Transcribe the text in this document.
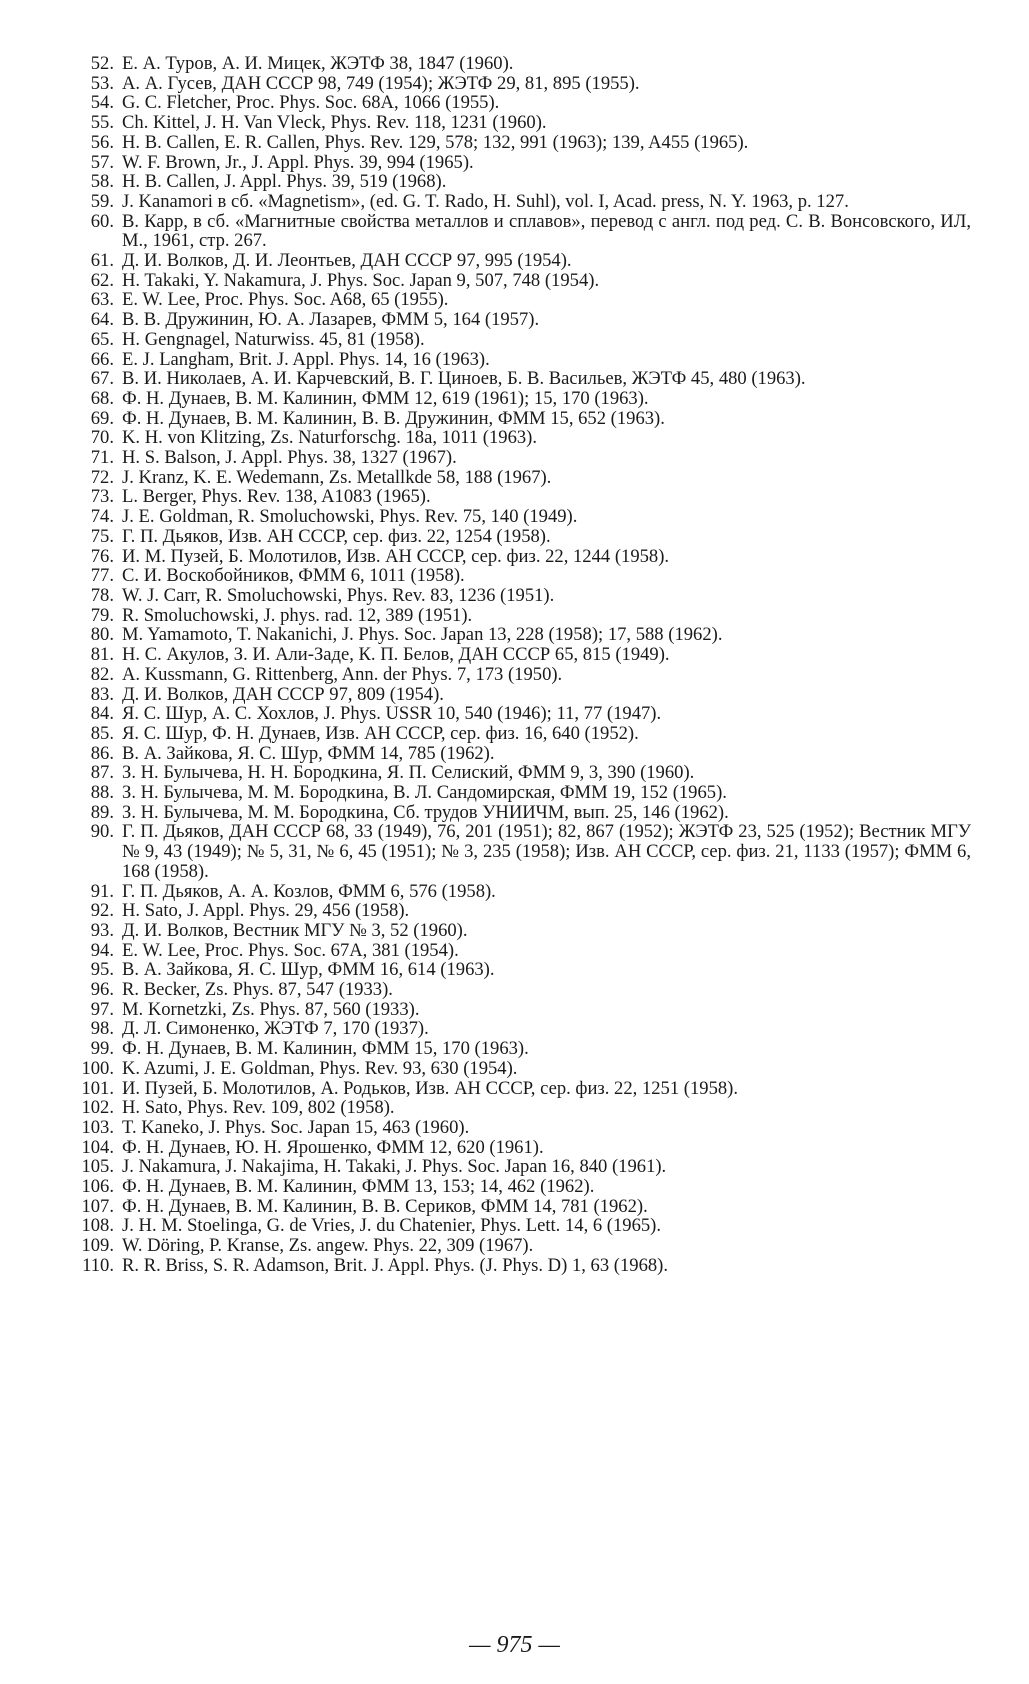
52. Е. А. Туров, А. И. Мицек, ЖЭТФ 38, 1847 (1960).
53. А. А. Гусев, ДАН СССР 98, 749 (1954); ЖЭТФ 29, 81, 895 (1955).
54. G. C. Fletcher, Proc. Phys. Soc. 68A, 1066 (1955).
55. Ch. Kittel, J. H. Van Vleck, Phys. Rev. 118, 1231 (1960).
56. H. B. Callen, E. R. Callen, Phys. Rev. 129, 578; 132, 991 (1963); 139, A455 (1965).
57. W. F. Brown, Jr., J. Appl. Phys. 39, 994 (1965).
58. H. B. Callen, J. Appl. Phys. 39, 519 (1968).
59. J. Kanamori в сб. «Magnetism», (ed. G. T. Rado, H. Suhl), vol. I, Acad. press, N. Y. 1963, p. 127.
60. В. Карр, в сб. «Магнитные свойства металлов и сплавов», перевод с англ. под ред. С. В. Вонсовского, ИЛ, М., 1961, стр. 267.
61. Д. И. Волков, Д. И. Леонтьев, ДАН СССР 97, 995 (1954).
62. H. Takaki, Y. Nakamura, J. Phys. Soc. Japan 9, 507, 748 (1954).
63. E. W. Lee, Proc. Phys. Soc. A68, 65 (1955).
64. В. В. Дружинин, Ю. А. Лазарев, ФММ 5, 164 (1957).
65. H. Gengnagel, Naturwiss. 45, 81 (1958).
66. E. J. Langham, Brit. J. Appl. Phys. 14, 16 (1963).
67. В. И. Николаев, А. И. Карчевский, В. Г. Циноев, Б. В. Васильев, ЖЭТФ 45, 480 (1963).
68. Ф. Н. Дунаев, В. М. Калинин, ФММ 12, 619 (1961); 15, 170 (1963).
69. Ф. Н. Дунаев, В. М. Калинин, В. В. Дружинин, ФММ 15, 652 (1963).
70. K. H. von Klitzing, Zs. Naturforschg. 18a, 1011 (1963).
71. H. S. Balson, J. Appl. Phys. 38, 1327 (1967).
72. J. Kranz, K. E. Wedemann, Zs. Metallkde 58, 188 (1967).
73. L. Berger, Phys. Rev. 138, A1083 (1965).
74. J. E. Goldman, R. Smoluchowski, Phys. Rev. 75, 140 (1949).
75. Г. П. Дьяков, Изв. АН СССР, сер. физ. 22, 1254 (1958).
76. И. М. Пузей, Б. Молотилов, Изв. АН СССР, сер. физ. 22, 1244 (1958).
77. С. И. Воскобойников, ФММ 6, 1011 (1958).
78. W. J. Carr, R. Smoluchowski, Phys. Rev. 83, 1236 (1951).
79. R. Smoluchowski, J. phys. rad. 12, 389 (1951).
80. M. Yamamoto, T. Nakanichi, J. Phys. Soc. Japan 13, 228 (1958); 17, 588 (1962).
81. Н. С. Акулов, З. И. Али-Заде, К. П. Белов, ДАН СССР 65, 815 (1949).
82. A. Kussmann, G. Rittenberg, Ann. der Phys. 7, 173 (1950).
83. Д. И. Волков, ДАН СССР 97, 809 (1954).
84. Я. С. Шур, А. С. Хохлов, J. Phys. USSR 10, 540 (1946); 11, 77 (1947).
85. Я. С. Шур, Ф. Н. Дунаев, Изв. АН СССР, сер. физ. 16, 640 (1952).
86. В. А. Зайкова, Я. С. Шур, ФММ 14, 785 (1962).
87. З. Н. Булычева, Н. Н. Бородкина, Я. П. Селиский, ФММ 9, 3, 390 (1960).
88. З. Н. Булычева, М. М. Бородкина, В. Л. Сандомирская, ФММ 19, 152 (1965).
89. З. Н. Булычева, М. М. Бородкина, Сб. трудов УНИИЧМ, вып. 25, 146 (1962).
90. Г. П. Дьяков, ДАН СССР 68, 33 (1949), 76, 201 (1951); 82, 867 (1952); ЖЭТФ 23, 525 (1952); Вестник МГУ № 9, 43 (1949); № 5, 31, № 6, 45 (1951); № 3, 235 (1958); Изв. АН СССР, сер. физ. 21, 1133 (1957); ФММ 6, 168 (1958).
91. Г. П. Дьяков, А. А. Козлов, ФММ 6, 576 (1958).
92. H. Sato, J. Appl. Phys. 29, 456 (1958).
93. Д. И. Волков, Вестник МГУ № 3, 52 (1960).
94. E. W. Lee, Proc. Phys. Soc. 67A, 381 (1954).
95. В. А. Зайкова, Я. С. Шур, ФММ 16, 614 (1963).
96. R. Becker, Zs. Phys. 87, 547 (1933).
97. M. Kornetzki, Zs. Phys. 87, 560 (1933).
98. Д. Л. Симоненко, ЖЭТФ 7, 170 (1937).
99. Ф. Н. Дунаев, В. М. Калинин, ФММ 15, 170 (1963).
100. K. Azumi, J. E. Goldman, Phys. Rev. 93, 630 (1954).
101. И. Пузей, Б. Молотилов, А. Родьков, Изв. АН СССР, сер. физ. 22, 1251 (1958).
102. H. Sato, Phys. Rev. 109, 802 (1958).
103. T. Kaneko, J. Phys. Soc. Japan 15, 463 (1960).
104. Ф. Н. Дунаев, Ю. Н. Ярошенко, ФММ 12, 620 (1961).
105. J. Nakamura, J. Nakajima, H. Takaki, J. Phys. Soc. Japan 16, 840 (1961).
106. Ф. Н. Дунаев, В. М. Калинин, ФММ 13, 153; 14, 462 (1962).
107. Ф. Н. Дунаев, В. М. Калинин, В. В. Сериков, ФММ 14, 781 (1962).
108. J. H. M. Stoelinga, G. de Vries, J. du Chatenier, Phys. Lett. 14, 6 (1965).
109. W. Döring, P. Kranse, Zs. angew. Phys. 22, 309 (1967).
110. R. R. Briss, S. R. Adamson, Brit. J. Appl. Phys. (J. Phys. D) 1, 63 (1968).
— 975 —
